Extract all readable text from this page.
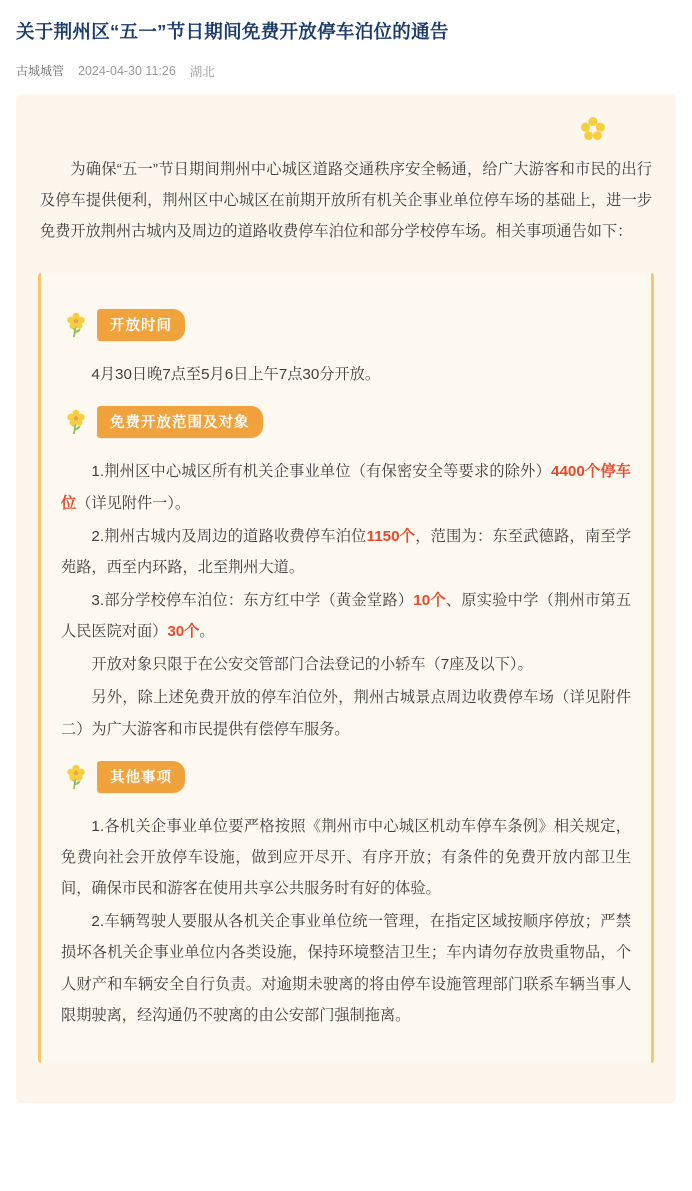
关于荆州区“五一”节日期间免费开放停车泊位的通告
古城城管 2024-04-30 11:26 湖北

为确保“五一”节日期间荆州中心城区道路交通秩序安全畅通，给广大游客和市民的出行及停车提供便利，荆州区中心城区在前期开放所有机关企事业单位停车场的基础上，进一步免费开放荆州古城内及周边的道路收费停车泊位和部分学校停车场。相关事项通告如下：

开放时间

4月30日晚7点至5月6日上午7点30分开放。

免费开放范围及对象

1.荆州区中心城区所有机关企事业单位（有保密安全等要求的除外）4400个停车位（详见附件一）。

2.荆州古城内及周边的道路收费停车泊位1150个，范围为：东至武德路，南至学苑路，西至内环路，北至荆州大道。

3.部分学校停车泊位：东方红中学（黄金堂路）10个、原实验中学（荆州市第五人民医院对面）30个。

开放对象只限于在公安交管部门合法登记的小轿车（7座及以下）。

另外，除上述免费开放的停车泊位外，荆州古城景点周边收费停车场（详见附件二）为广大游客和市民提供有偿停车服务。

其他事项

1.各机关企事业单位要严格按照《荆州市中心城区机动车停车条例》相关规定，免费向社会开放停车设施，做到应开尽开、有序开放；有条件的免费开放内部卫生间，确保市民和游客在使用共享公共服务时有好的体验。

2.车辆驾驶人要服从各机关企事业单位统一管理，在指定区域按顺序停放；严禁损坏各机关企事业单位内各类设施，保持环境整洁卫生；车内请勿存放贵重物品，个人财产和车辆安全自行负责。对逾期未驶离的将由停车设施管理部门联系车辆当事人限期驶离，经沟通仍不驶离的由公安部门强制拖离。
